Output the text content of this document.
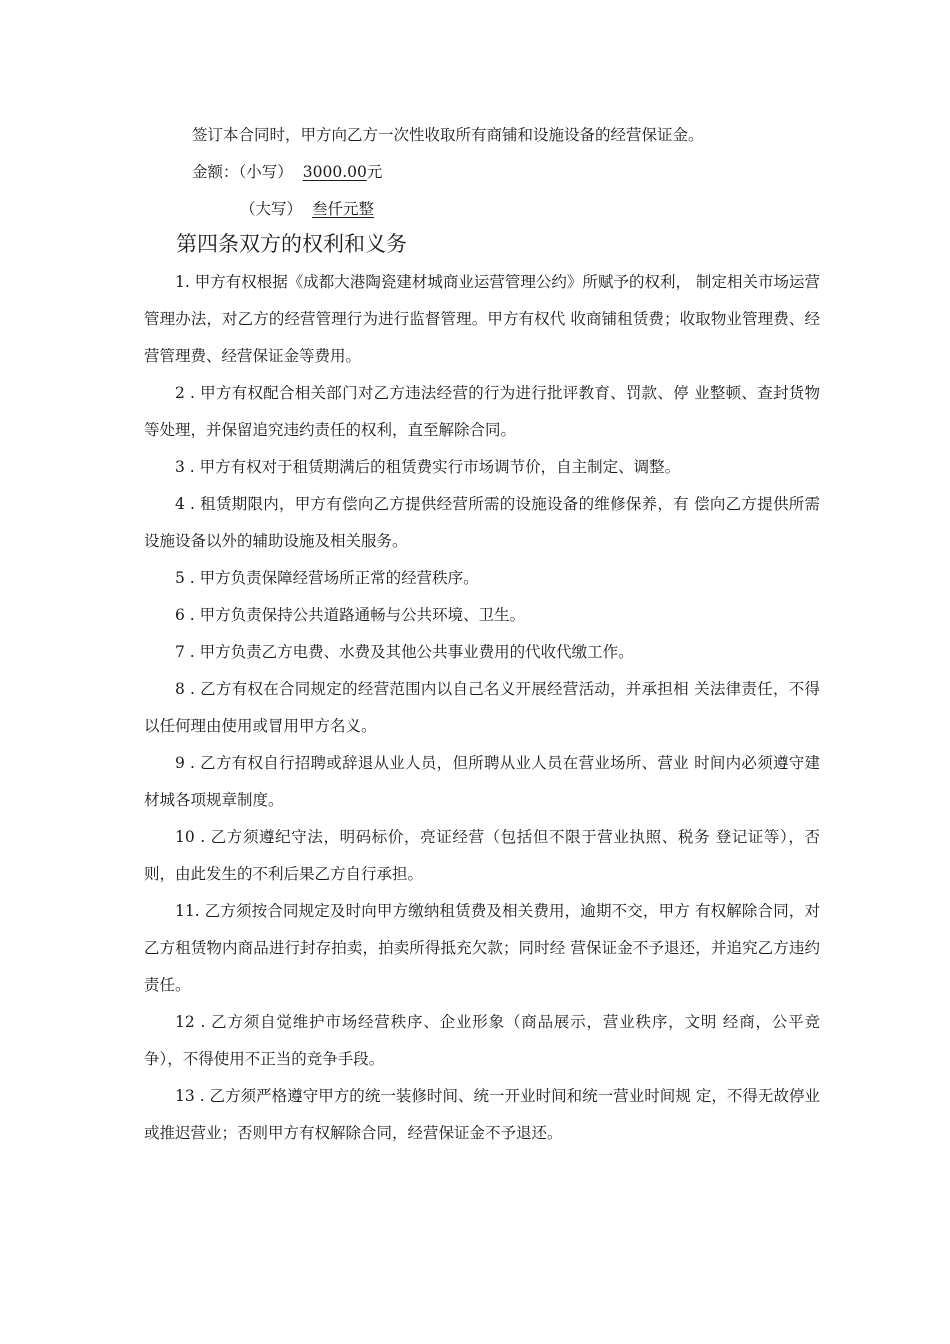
签订本合同时，甲方向乙方一次性收取所有商铺和设施设备的经营保证金。

金额：（小写） 3000.00元

（大写） 叁仟元整

第四条双方的权利和义务

1. 甲方有权根据《成都大港陶瓷建材城商业运营管理公约》所赋予的权利， 制定相关市场运营管理办法，对乙方的经营管理行为进行监督管理。甲方有权代 收商铺租赁费；收取物业管理费、经营管理费、经营保证金等费用。

2 . 甲方有权配合相关部门对乙方违法经营的行为进行批评教育、罚款、停 业整顿、查封货物等处理，并保留追究违约责任的权利，直至解除合同。

3 . 甲方有权对于租赁期满后的租赁费实行市场调节价，自主制定、调整。

4 . 租赁期限内，甲方有偿向乙方提供经营所需的设施设备的维修保养，有 偿向乙方提供所需设施设备以外的辅助设施及相关服务。

5 . 甲方负责保障经营场所正常的经营秩序。

6 . 甲方负责保持公共道路通畅与公共环境、卫生。

7 . 甲方负责乙方电费、水费及其他公共事业费用的代收代缴工作。

8 . 乙方有权在合同规定的经营范围内以自己名义开展经营活动，并承担相 关法律责任，不得以任何理由使用或冒用甲方名义。

9 . 乙方有权自行招聘或辞退从业人员，但所聘从业人员在营业场所、营业 时间内必须遵守建材城各项规章制度。

10 . 乙方须遵纪守法，明码标价，亮证经营（包括但不限于营业执照、税务 登记证等），否则，由此发生的不利后果乙方自行承担。

11. 乙方须按合同规定及时向甲方缴纳租赁费及相关费用，逾期不交，甲方 有权解除合同，对乙方租赁物内商品进行封存拍卖，拍卖所得抵充欠款；同时经 营保证金不予退还，并追究乙方违约责任。

12 . 乙方须自觉维护市场经营秩序、企业形象（商品展示，营业秩序，文明 经商，公平竞争），不得使用不正当的竞争手段。

13 . 乙方须严格遵守甲方的统一装修时间、统一开业时间和统一营业时间规 定，不得无故停业或推迟营业；否则甲方有权解除合同，经营保证金不予退还。
